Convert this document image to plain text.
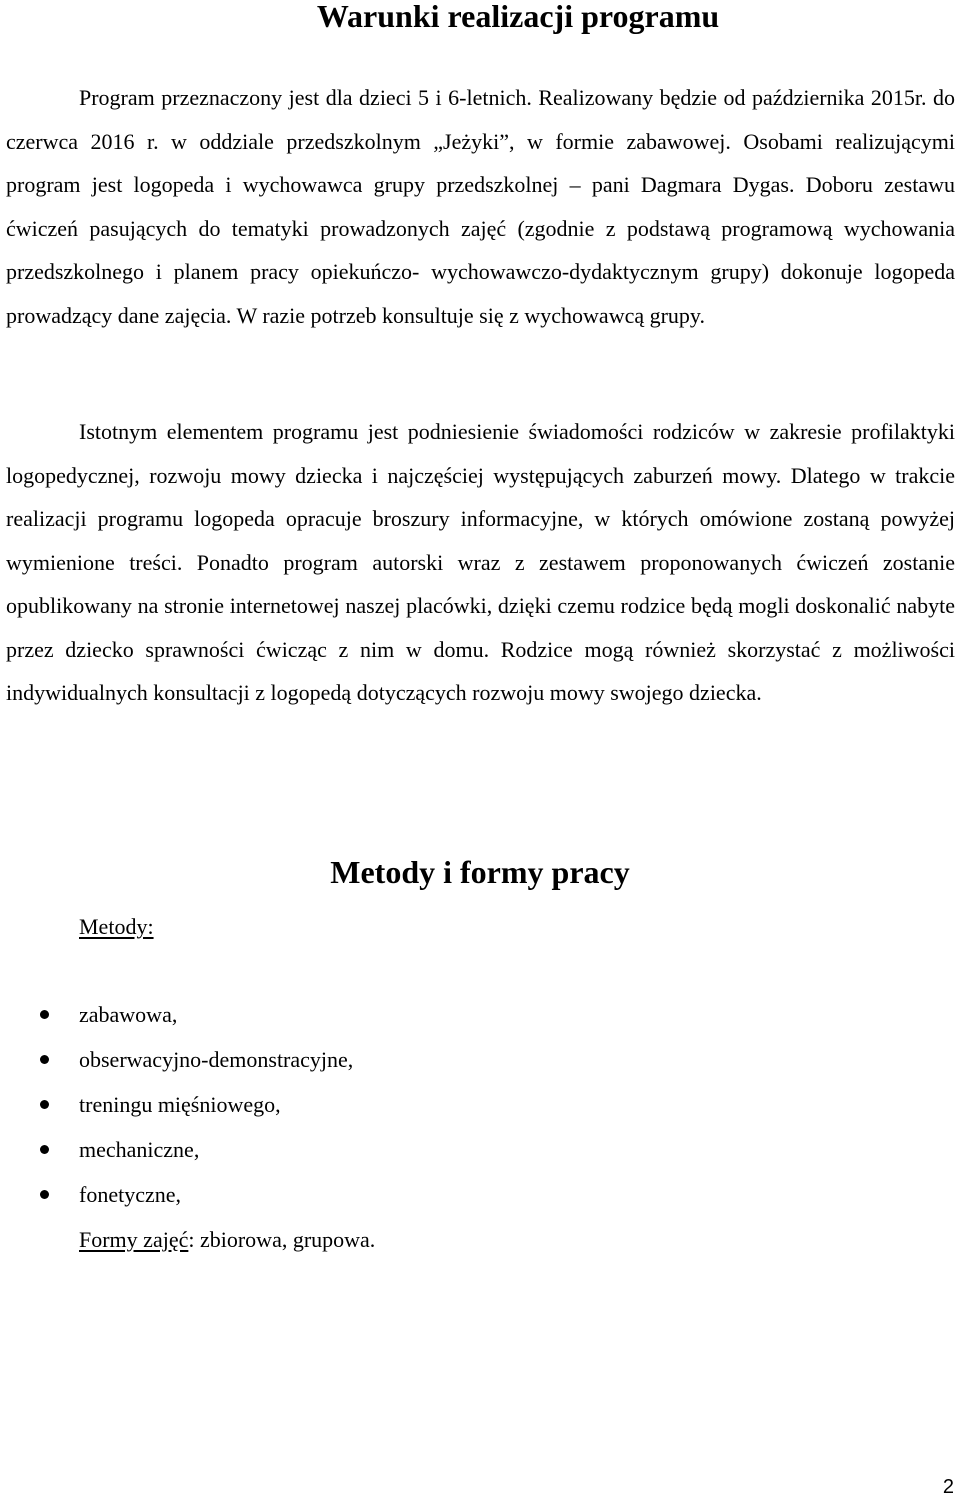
Warunki realizacji programu

Program przeznaczony jest dla dzieci 5 i 6-letnich. Realizowany będzie od października 2015r. do czerwca 2016 r. w oddziale przedszkolnym „Jeżyki”, w formie zabawowej. Osobami realizującymi program jest logopeda i wychowawca grupy przedszkolnej – pani Dagmara Dygas. Doboru zestawu ćwiczeń pasujących do tematyki prowadzonych zajęć (zgodnie z podstawą programową wychowania przedszkolnego i planem pracy opiekuńczo- wychowawczo-dydaktycznym grupy) dokonuje logopeda prowadzący dane zajęcia. W razie potrzeb konsultuje się z wychowawcą grupy.

Istotnym elementem programu jest podniesienie świadomości rodziców w zakresie profilaktyki logopedycznej, rozwoju mowy dziecka i najczęściej występujących zaburzeń mowy. Dlatego w trakcie realizacji programu logopeda opracuje broszury informacyjne, w których omówione zostaną powyżej wymienione treści. Ponadto program autorski wraz z zestawem proponowanych ćwiczeń zostanie opublikowany na stronie internetowej naszej placówki, dzięki czemu rodzice będą mogli doskonalić nabyte przez dziecko sprawności ćwicząc z nim w domu. Rodzice mogą również skorzystać z możliwości indywidualnych konsultacji z logopedą dotyczących rozwoju mowy swojego dziecka.

Metody i formy pracy

Metody:

zabawowa,
obserwacyjno-demonstracyjne,
treningu mięśniowego,
mechaniczne,
fonetyczne,

Formy zajęć: zbiorowa, grupowa.

2
